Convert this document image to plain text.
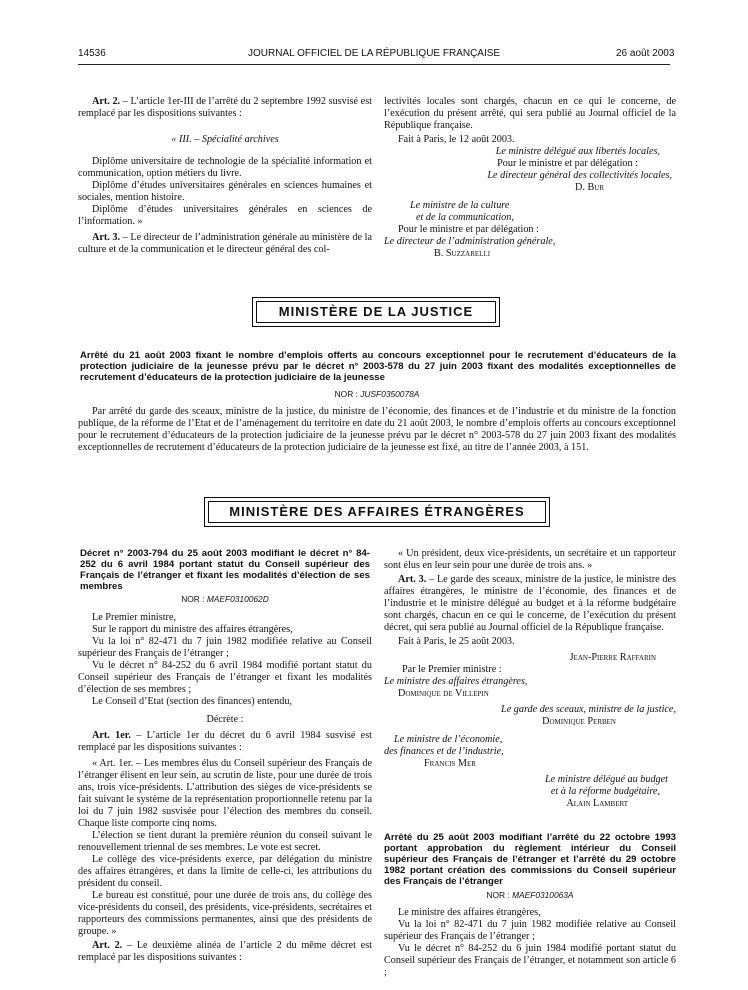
14536	JOURNAL OFFICIEL DE LA RÉPUBLIQUE FRANÇAISE	26 août 2003

Art. 2. – L’article 1er-III de l’arrêté du 2 septembre 1992 susvisé est remplacé par les dispositions suivantes :

« III. – Spécialité archives

Diplôme universitaire de technologie de la spécialité information et communication, option métiers du livre.

Diplôme d’études universitaires générales en sciences humaines et sociales, mention histoire.

Diplôme d’études universitaires générales en sciences de l’information. »

Art. 3. – Le directeur de l’administration générale au ministère de la culture et de la communication et le directeur général des col-

lectivités locales sont chargés, chacun en ce qui le concerne, de l’exécution du présent arrêté, qui sera publié au Journal officiel de la République française.

Fait à Paris, le 12 août 2003.

Le ministre délégué aux libertés locales,

Pour le ministre et par délégation :

Le directeur général des collectivités locales,

D. Bur

Le ministre de la culture

et de la communication,

Pour le ministre et par délégation :

Le directeur de l’administration générale,

B. Suzzarelli

MINISTÈRE DE LA JUSTICE
Arrêté du 21 août 2003 fixant le nombre d’emplois offerts au concours exceptionnel pour le recrutement d’éducateurs de la protection judiciaire de la jeunesse prévu par le décret n° 2003-578 du 27 juin 2003 fixant des modalités exceptionnelles de recrutement d’éducateurs de la protection judiciaire de la jeunesse
NOR : JUSF0350078A

Par arrêté du garde des sceaux, ministre de la justice, du ministre de l’économie, des finances et de l’industrie et du ministre de la fonction publique, de la réforme de l’Etat et de l’aménagement du territoire en date du 21 août 2003, le nombre d’emplois offerts au concours exceptionnel pour le recrutement d’éducateurs de la protection judiciaire de la jeunesse prévu par le décret n° 2003-578 du 27 juin 2003 fixant des modalités exceptionnelles de recrutement d’éducateurs de la protection judiciaire de la jeunesse est fixé, au titre de l’année 2003, à 151.

MINISTÈRE DES AFFAIRES ÉTRANGÈRES
Décret n° 2003-794 du 25 août 2003 modifiant le décret n° 84-252 du 6 avril 1984 portant statut du Conseil supérieur des Français de l’étranger et fixant les modalités d’élection de ses membres
NOR : MAEF0310062D

Le Premier ministre,

Sur le rapport du ministre des affaires étrangères,

Vu la loi n° 82-471 du 7 juin 1982 modifiée relative au Conseil supérieur des Français de l’étranger ;

Vu le décret n° 84-252 du 6 avril 1984 modifié portant statut du Conseil supérieur des Français de l’étranger et fixant les modalités d’élection de ses membres ;

Le Conseil d’Etat (section des finances) entendu,

Décrète :

Art. 1er. – L’article 1er du décret du 6 avril 1984 susvisé est remplacé par les dispositions suivantes :

« Art. 1er. – Les membres élus du Conseil supérieur des Français de l’étranger élisent en leur sein, au scrutin de liste, pour une durée de trois ans, trois vice-présidents. L’attribution des sièges de vice-présidents se fait suivant le système de la représentation proportionnelle retenu par la loi du 7 juin 1982 susvisée pour l’élection des membres du conseil. Chaque liste comporte cinq noms.

L’élection se tient durant la première réunion du conseil suivant le renouvellement triennal de ses membres. Le vote est secret.

Le collège des vice-présidents exerce, par délégation du ministre des affaires étrangères, et dans la limite de celle-ci, les attributions du président du conseil.

Le bureau est constitué, pour une durée de trois ans, du collège des vice-présidents du conseil, des présidents, vice-présidents, secrétaires et rapporteurs des commissions permanentes, ainsi que des présidents de groupe. »

Art. 2. – Le deuxième alinéa de l’article 2 du même décret est remplacé par les dispositions suivantes :

« Un président, deux vice-présidents, un secrétaire et un rapporteur sont élus en leur sein pour une durée de trois ans. »

Art. 3. – Le garde des sceaux, ministre de la justice, le ministre des affaires étrangères, le ministre de l’économie, des finances et de l’industrie et le ministre délégué au budget et à la réforme budgétaire sont chargés, chacun en ce qui le concerne, de l’exécution du présent décret, qui sera publié au Journal officiel de la République française.

Fait à Paris, le 25 août 2003.

Jean-Pierre Raffarin

Par le Premier ministre :

Le ministre des affaires étrangères,

Dominique de Villepin

Le garde des sceaux, ministre de la justice,

Dominique Perben

Le ministre de l’économie,

des finances et de l’industrie,

Francis Mer

Le ministre délégué au budget

et à la réforme budgétaire,

Alain Lambert

Arrêté du 25 août 2003 modifiant l’arrêté du 22 octobre 1993 portant approbation du règlement intérieur du Conseil supérieur des Français de l’étranger et l’arrêté du 29 octobre 1982 portant création des commissions du Conseil supérieur des Français de l’étranger

NOR : MAEF0310063A

Le ministre des affaires étrangères,

Vu la loi n° 82-471 du 7 juin 1982 modifiée relative au Conseil supérieur des Français de l’étranger ;

Vu le décret n° 84-252 du 6 juin 1984 modifié portant statut du Conseil supérieur des Français de l’étranger, et notamment son article 6 ;
